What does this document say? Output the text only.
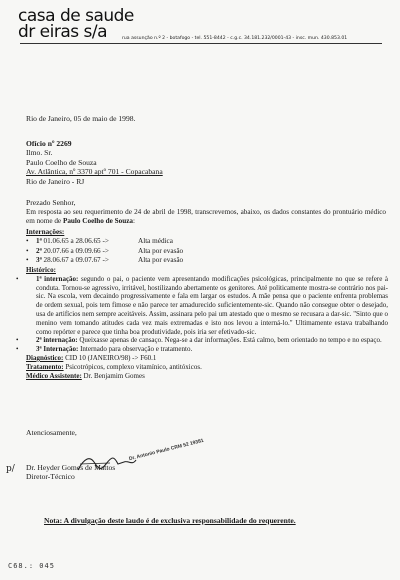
casa de saude
dr eiras s/a	rua assunção n.º 2 - botafogo - tel. 551-8442 - c.g.c. 34.181.232/0001-43 - insc. mun. 430.853.01
Rio de Janeiro, 05 de maio de 1998.
Ofício nº 2269
Ilmo. Sr.
Paulo Coelho de Souza
Av. Atlântica, nº 3370 aptº 701 - Copacabana
Rio de Janeiro - RJ
Prezado Senhor,
Em resposta ao seu requerimento de 24 de abril de 1998, transcrevemos, abaixo, os dados constantes do prontuário médico em nome de Paulo Coelho de Souza:
Internações:
• 1ª 01.06.65 a 28.06.65 ->	Alta médica
• 2ª 20.07.66 a 09.09.66 ->	Alta por evasão
• 3ª 28.06.67 a 09.07.67 ->	Alta por evasão
Histórico:

•	1ª internação: segundo o pai, o paciente vem apresentando modificações psicológicas, principalmente no que se refere à conduta. Tornou-se agressivo, irritável, hostilizando abertamente os genitores. Até politicamente mostra-se contrário nos pai-sic. Na escola, vem decaindo progressivamente e fala em largar os estudos. A mãe pensa que o paciente enfrenta problemas de ordem sexual, pois tem fimose e não parece ter amadurecido suficientemente-sic. Quando não consegue obter o desejado, usa de artifícios nem sempre aceitáveis. Assim, assinara pelo pai um atestado que o mesmo se recusara a dar-sic. "Sinto que o menino vem tomando atitudes cada vez mais extremadas e isto nos levou a interná-lo." Ultimamente estava trabalhando como repórter e parece que tinha boa produtividade, pois iria ser efetivado-sic.

•	2ª internação: Queixasse apenas de cansaço. Nega-se a dar informações. Está calmo, bem orientado no tempo e no espaço.

•	3ª Internação: Internado para observação e tratamento.

Diagnóstico: CID 10 (JANEIRO/98) -> F60.1
Tratamento: Psicotrópicos, complexo vitamínico, antitóxicos.
Médico Assistente: Dr. Benjamim Gomes
Atenciosamente,
Dr. Antonio Paulo CRM 52 19381
p/ Dr. Heyder Gomes de Mattos
Diretor-Técnico
Nota: A divulgação deste laudo é de exclusiva responsabilidade do requerente.
C68.: 045
